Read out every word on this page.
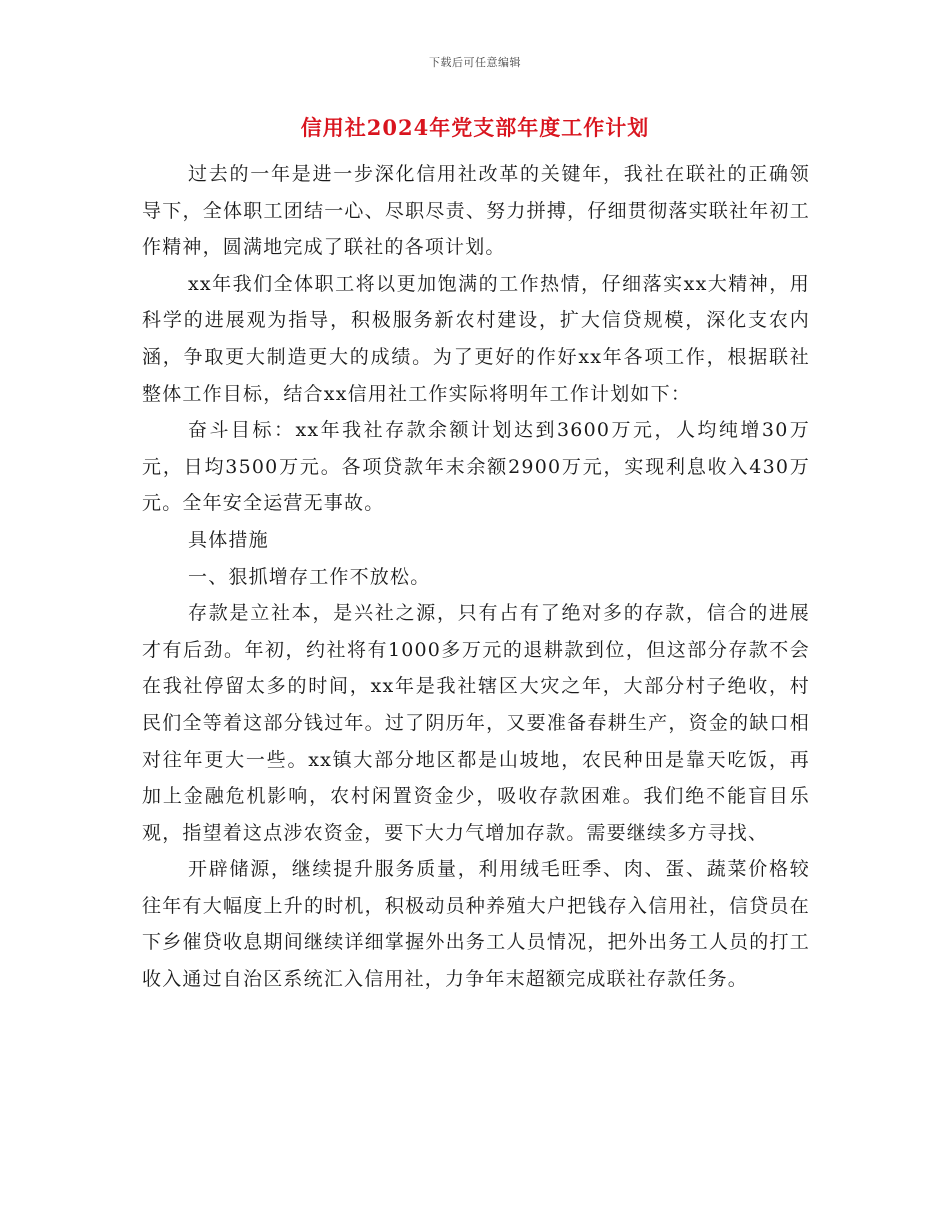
下载后可任意编辑
信用社2024年党支部年度工作计划

过去的一年是进一步深化信用社改革的关键年，我社在联社的正确领导下，全体职工团结一心、尽职尽责、努力拼搏，仔细贯彻落实联社年初工作精神，圆满地完成了联社的各项计划。

xx年我们全体职工将以更加饱满的工作热情，仔细落实xx大精神，用科学的进展观为指导，积极服务新农村建设，扩大信贷规模，深化支农内涵，争取更大制造更大的成绩。为了更好的作好xx年各项工作，根据联社整体工作目标，结合xx信用社工作实际将明年工作计划如下：

奋斗目标：xx年我社存款余额计划达到3600万元，人均纯增30万元，日均3500万元。各项贷款年末余额2900万元，实现利息收入430万元。全年安全运营无事故。

具体措施

一、狠抓增存工作不放松。

存款是立社本，是兴社之源，只有占有了绝对多的存款，信合的进展才有后劲。年初，约社将有1000多万元的退耕款到位，但这部分存款不会在我社停留太多的时间，xx年是我社辖区大灾之年，大部分村子绝收，村民们全等着这部分钱过年。过了阴历年，又要准备春耕生产，资金的缺口相对往年更大一些。xx镇大部分地区都是山坡地，农民种田是靠天吃饭，再加上金融危机影响，农村闲置资金少，吸收存款困难。我们绝不能盲目乐观，指望着这点涉农资金，要下大力气增加存款。需要继续多方寻找、

开辟储源，继续提升服务质量，利用绒毛旺季、肉、蛋、蔬菜价格较往年有大幅度上升的时机，积极动员种养殖大户把钱存入信用社，信贷员在下乡催贷收息期间继续详细掌握外出务工人员情况，把外出务工人员的打工收入通过自治区系统汇入信用社，力争年末超额完成联社存款任务。
